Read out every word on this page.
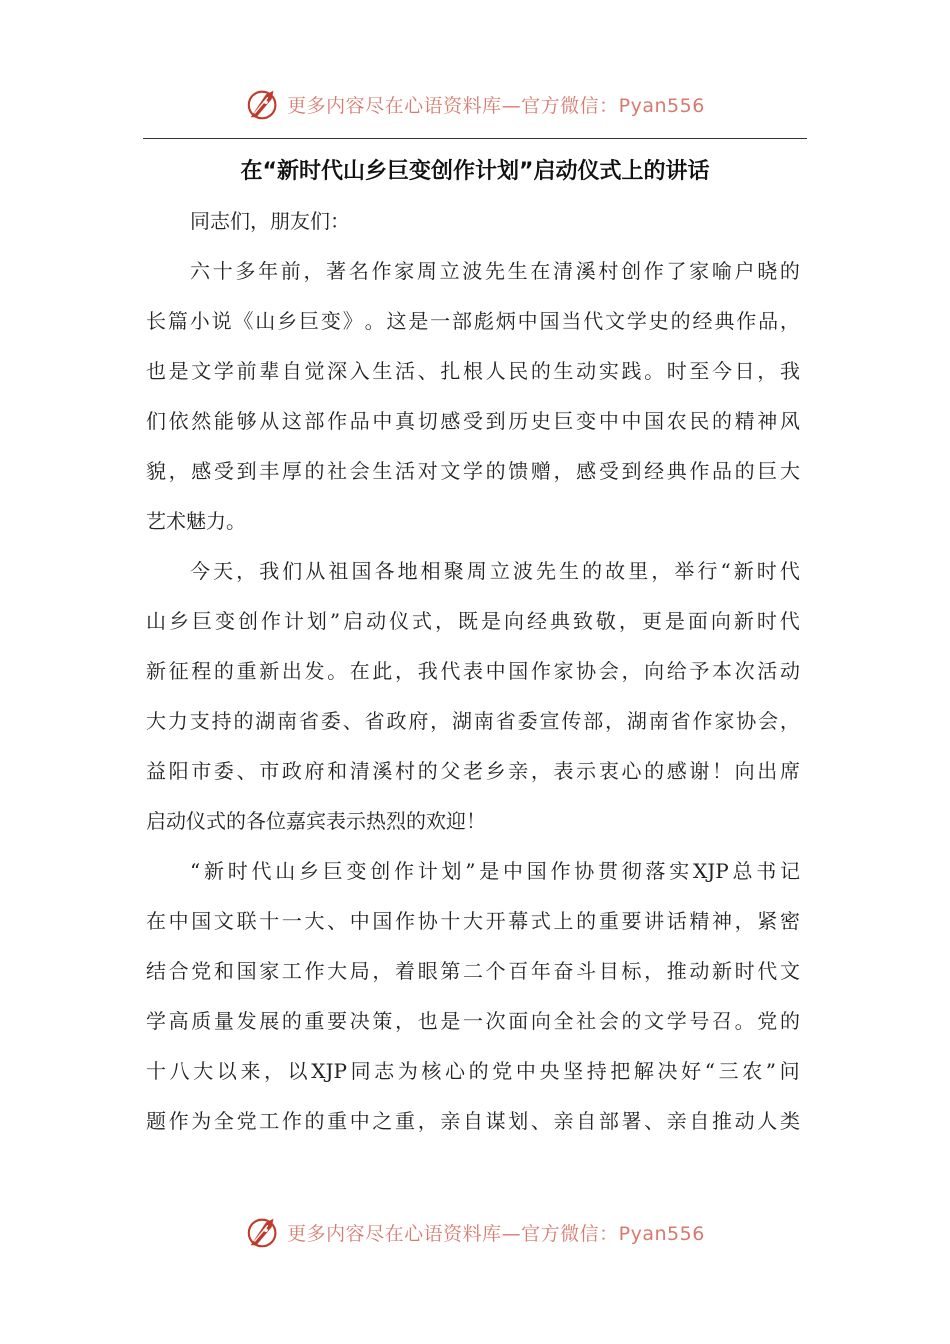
更多内容尽在心语资料库—官方微信：Pyan556
在“新时代山乡巨变创作计划”启动仪式上的讲话
同志们，朋友们：
六 十 多 年 前 ， 著 名 作 家 周 立 波 先 生 在 清 溪 村 创 作 了 家 喻 户 晓 的
长 篇 小 说 《 山 乡 巨 变 》 。 这 是 一 部 彪 炳 中 国 当 代 文 学 史 的 经 典 作 品 ，
也 是 文 学 前 辈 自 觉 深 入 生 活 、 扎 根 人 民 的 生 动 实 践 。 时 至 今 日 ， 我
们 依 然 能 够 从 这 部 作 品 中 真 切 感 受 到 历 史 巨 变 中 中 国 农 民 的 精 神 风
貌 ， 感 受 到 丰 厚 的 社 会 生 活 对 文 学 的 馈 赠 ， 感 受 到 经 典 作 品 的 巨 大
艺术魅力。
今 天 ， 我 们 从 祖 国 各 地 相 聚 周 立 波 先 生 的 故 里 ， 举 行 “ 新 时 代
山 乡 巨 变 创 作 计 划 ” 启 动 仪 式 ， 既 是 向 经 典 致 敬 ， 更 是 面 向 新 时 代
新 征 程 的 重 新 出 发 。 在 此 ， 我 代 表 中 国 作 家 协 会 ， 向 给 予 本 次 活 动
大 力 支 持 的 湖 南 省 委 、 省 政 府 ， 湖 南 省 委 宣 传 部 ， 湖 南 省 作 家 协 会 ，
益 阳 市 委 、 市 政 府 和 清 溪 村 的 父 老 乡 亲 ， 表 示 衷 心 的 感 谢 ！ 向 出 席
启动仪式的各位嘉宾表示热烈的欢迎！
“ 新 时 代 山 乡 巨 变 创 作 计 划 ” 是 中 国 作 协 贯 彻 落 实 XJP 总 书 记
在 中 国 文 联 十 一 大 、 中 国 作 协 十 大 开 幕 式 上 的 重 要 讲 话 精 神 ， 紧 密
结 合 党 和 国 家 工 作 大 局 ， 着 眼 第 二 个 百 年 奋 斗 目 标 ， 推 动 新 时 代 文
学 高 质 量 发 展 的 重 要 决 策 ， 也 是 一 次 面 向 全 社 会 的 文 学 号 召 。 党 的
十 八 大 以 来 ， 以 XJP 同 志 为 核 心 的 党 中 央 坚 持 把 解 决 好 “ 三 农 ” 问
题 作 为 全 党 工 作 的 重 中 之 重 ， 亲 自 谋 划 、 亲 自 部 署 、 亲 自 推 动 人 类
更多内容尽在心语资料库—官方微信：Pyan556
